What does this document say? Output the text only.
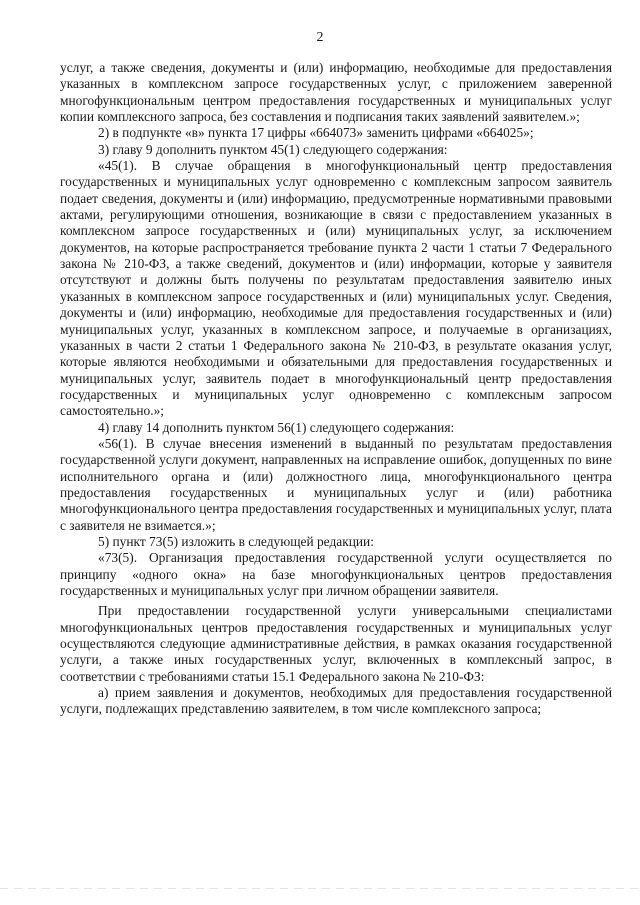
2

услуг, а также сведения, документы и (или) информацию, необходимые для предоставления указанных в комплексном запросе государственных услуг, с приложением заверенной многофункциональным центром предоставления государственных и муниципальных услуг копии комплексного запроса, без составления и подписания таких заявлений заявителем.»;

2) в подпункте «в» пункта 17 цифры «664073» заменить цифрами «664025»;

3) главу 9 дополнить пунктом 45(1) следующего содержания:

«45(1). В случае обращения в многофункциональный центр предоставления государственных и муниципальных услуг одновременно с комплексным запросом заявитель подает сведения, документы и (или) информацию, предусмотренные нормативными правовыми актами, регулирующими отношения, возникающие в связи с предоставлением указанных в комплексном запросе государственных и (или) муниципальных услуг, за исключением документов, на которые распространяется требование пункта 2 части 1 статьи 7 Федерального закона № 210-ФЗ, а также сведений, документов и (или) информации, которые у заявителя отсутствуют и должны быть получены по результатам предоставления заявителю иных указанных в комплексном запросе государственных и (или) муниципальных услуг. Сведения, документы и (или) информацию, необходимые для предоставления государственных и (или) муниципальных услуг, указанных в комплексном запросе, и получаемые в организациях, указанных в части 2 статьи 1 Федерального закона № 210-ФЗ, в результате оказания услуг, которые являются необходимыми и обязательными для предоставления государственных и муниципальных услуг, заявитель подает в многофункциональный центр предоставления государственных и муниципальных услуг одновременно с комплексным запросом самостоятельно.»;

4) главу 14 дополнить пунктом 56(1) следующего содержания:

«56(1). В случае внесения изменений в выданный по результатам предоставления государственной услуги документ, направленных на исправление ошибок, допущенных по вине исполнительного органа и (или) должностного лица, многофункционального центра предоставления государственных и муниципальных услуг и (или) работника многофункционального центра предоставления государственных и муниципальных услуг, плата с заявителя не взимается.»;

5) пункт 73(5) изложить в следующей редакции:

«73(5). Организация предоставления государственной услуги осуществляется по принципу «одного окна» на базе многофункциональных центров предоставления государственных и муниципальных услуг при личном обращении заявителя.

При предоставлении государственной услуги универсальными специалистами многофункциональных центров предоставления государственных и муниципальных услуг осуществляются следующие административные действия, в рамках оказания государственной услуги, а также иных государственных услуг, включенных в комплексный запрос, в соответствии с требованиями статьи 15.1 Федерального закона № 210-ФЗ:

а) прием заявления и документов, необходимых для предоставления государственной услуги, подлежащих представлению заявителем, в том числе комплексного запроса;
